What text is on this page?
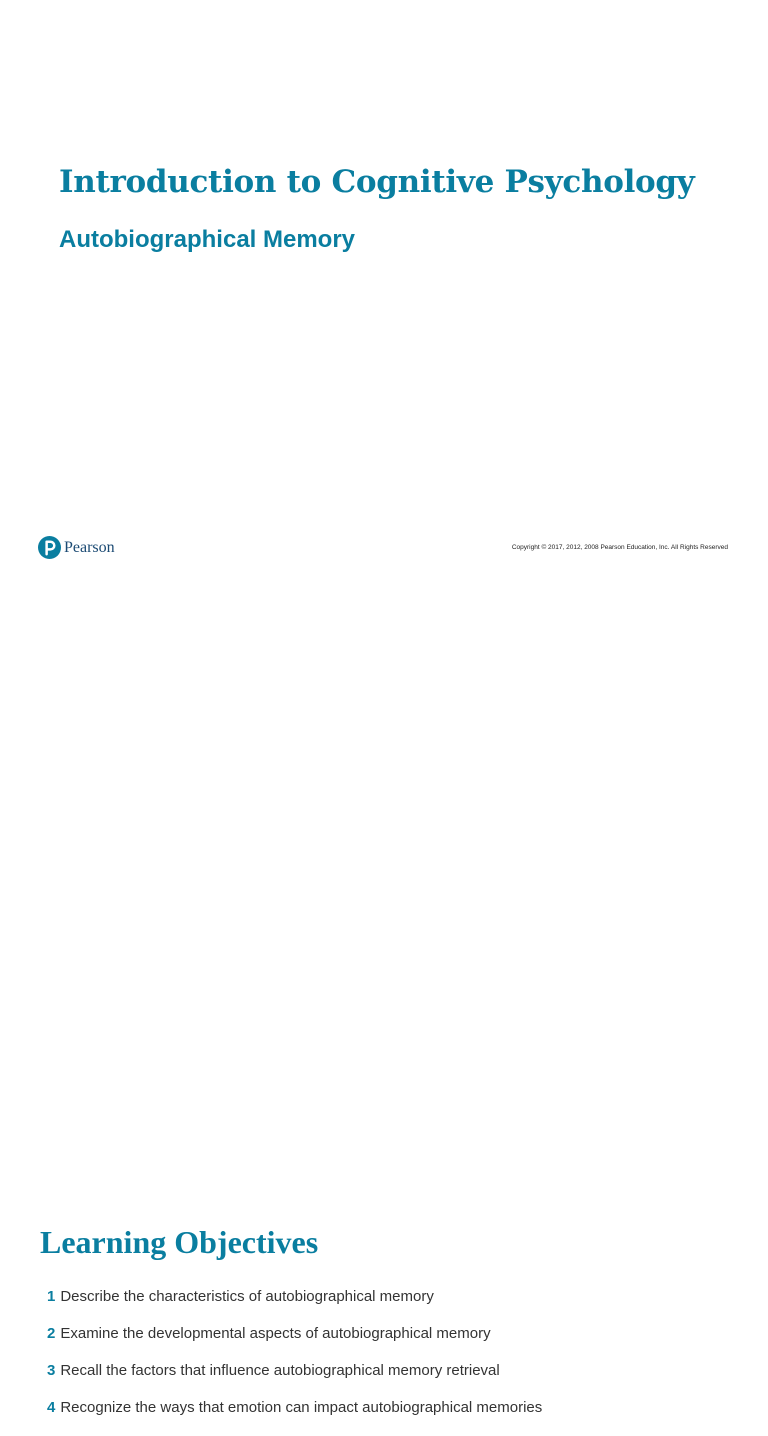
Introduction to Cognitive Psychology
Autobiographical Memory
Pearson	Copyright © 2017, 2012, 2008 Pearson Education, Inc. All Rights Reserved
Learning Objectives
1 Describe the characteristics of autobiographical memory
2 Examine the developmental aspects of autobiographical memory
3 Recall the factors that influence autobiographical memory retrieval
4 Recognize the ways that emotion can impact autobiographical memories
